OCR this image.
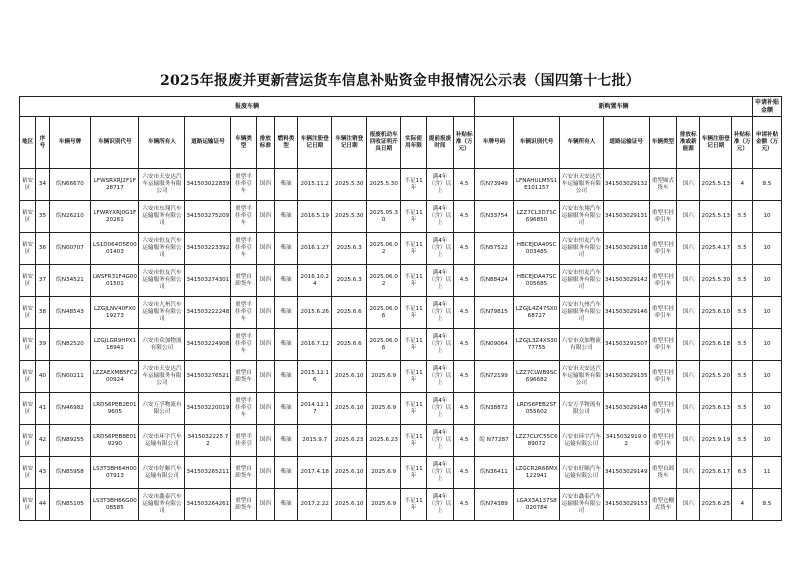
2025年报废并更新营运货车信息补贴资金申报情况公示表（国四第十七批）
报废车辆															新购置车辆								申请补贴金额
地区	序号	车辆号牌	车辆识别代号	车辆所有人	道路运输证号	车辆类型	排放标准	燃料类型	车辆注册登记日期	车辆注销登记日期	报废机动车回收证明开具日期	实际使用年限	提前报废时间	补贴标准（万元）	车牌号码	车辆识别代号	车辆所有人	道路运输证号	车辆类型	排放标准或新能源	车辆注册登记日期	补贴标准（万元）	申请补贴金额（万元）
裕安区	34	皖N66670	LFWSRXRJ2F1F28717	六安市天安达汽车运输服务有限公司	341503022839	重型半挂牵引车	国四	柴油	2015.11.2	2025.5.30	2025.5.30	不足11年	满4年（含）以上	4.5	皖N73949	LFNAHULM5S1E101157	六安市天安达汽车运输服务有限公司	341503029132	重型厢式货车	国六	2025.5.13	4	8.5
裕安区	35	皖N26210	LFWRYXRJ0G1F20261	六安市东翔汽车运输服务有限公司	341503275209	重型半挂牵引车	国四	柴油	2016.5.19	2025.5.30	2025.05.30	不足11年	满4年（含）以上	4.5	皖N33754	LZZ7CL3D7SC696850	六安市东翔汽车运输服务有限公司	341503029131	重型半挂牵引车	国六	2025.5.13	5.5	10
裕安区	36	皖N00707	LS1D064D5E0001403	六安市恒友汽车运输服务有限公司	341503223392	重型半挂牵引车	国四	柴油	2016.1.27	2025.6.3	2025.06.02	不足11年	满4年（含）以上	4.5	皖N57522	HBCEJDA40SC003485	六安市恒友汽车运输服务有限公司	341503029118	重型半挂牵引车	国六	2025.4.17	5.5	10
裕安区	37	皖N34521	LWSFR31F4G0001501	六安市恒友汽车运输服务有限公司	341503274301	重型自卸货车	国四	柴油	2016.10.24	2025.6.3	2025.06.02	不足11年	满4年（含）以上	4.5	皖N88424	HBCEJDA47SC005685	六安市恒友汽车运输服务有限公司	341503029142	重型半挂牵引车	国六	2025.5.30	5.5	10
裕安区	38	皖N48543	LZGJLNV40FX019273	六安市九州汽车运输服务有限公司	341503222248	重型半挂牵引车	国四	柴油	2015.6.26	2025.6.6	2025.06.06	不足11年	满4年（含）以上	4.5	皖N79815	LZGJL4Z47SX068727	六安市九州汽车运输服务有限公司	341503029146	重型半挂牵引车	国六	2025.6.10	5.5	10
裕安区	39	皖N82520	LZGJLGR9HPX118941	六安市众加物流有限公司	341503224908	重型半挂牵引车	国四	柴油	2016.7.12	2025.6.6	2025.06.06	不足11年	满4年（含）以上	4.5	皖N09064	LZGJL3Z4XS3077755	六安市众加物流有限公司	341503291507	重型半挂牵引车	国六	2025.6.18	5.5	10
裕安区	40	皖N00211	LZZAEXMB5FC200924	六安市天安达汽车运输服务有限公司	341503276521	重型自卸货车	国四	柴油	2015.12.16	2025.6.10	2025.6.9	不足11年	满4年（含）以上	4.5	皖N72199	LZZ7CLWB9SC696682	六安市天安达汽车运输服务有限公司	341503029135	重型半挂牵引车	国六	2025.5.20	5.5	10
裕安区	41	皖N46982	LRDS6PEB2E019605	六安万孚物流有限公司	341503220019	重型半挂牵引车	国四	柴油	2014.12.17	2025.6.10	2025.6.9	不足11年	满4年（含）以上	4.5	皖N38872	LRDS6PEB2ST055602	六安万孚物流有限公司	341503029148	重型半挂牵引车	国六	2025.6.13	5.5	10
裕安区	42	皖N89255	LRDS6PEB8E019290	六安市环宇汽车运输有限公司	3415032225 72	重型半挂牵引	国四	柴油	2015.9.7	2025.6.23	2025.6.23	不足11年	满4年（含）以上	4.5	皖 N77287	LZZ7CLYC55C689072	六安市环宇汽车运输有限公司	3415032919 02	重型半挂牵引车	国六	2025.9.19	5.5	10
裕安区	43	皖N85958	LS3T3BH64H0007913	六安市好顺汽车运输有限公司	341503265211	重型自卸货车	国四	柴油	2017.4.18	2025.6.10	2025.6.9	不足11年	满4年（含）以上	4.5	皖N36411	LZGCR2R66MX122941	六安市好顺汽车运输有限公司	341503029149	重型自卸货车	国六	2025.6.17	6.5	11
裕安区	44	皖N85105	LS3T3BH66G0008585	六安市鑫泰汽车运输服务有限公司	341503264261	重型自卸货车	国四	柴油	2017.2.22	2025.6.10	2025.6.9	不足11年	满4年（含）以上	4.5	皖N74389	LGAX3A137S8020784	六安市鑫泰汽车运输服务有限公司	341503029153	重型仓栅式货车	国六	2025.6.25	4	8.5
